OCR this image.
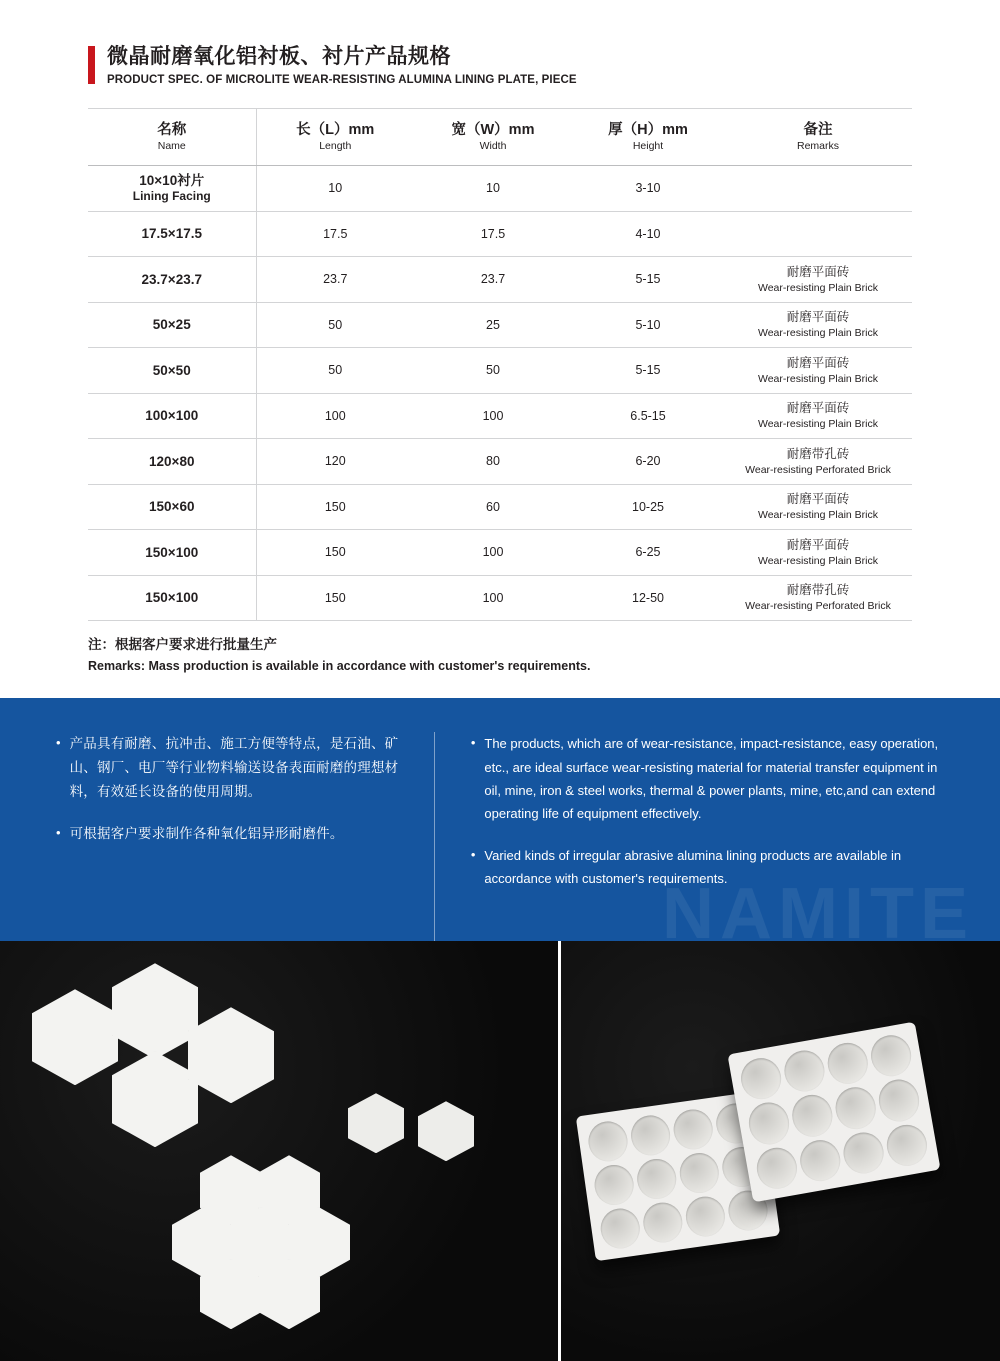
微晶耐磨氧化铝衬板、衬片产品规格
PRODUCT SPEC. OF MICROLITE WEAR-RESISTING ALUMINA LINING PLATE, PIECE
名称
Name	长（L）mm
Length	宽（W）mm
Width	厚（H）mm
Height	备注
Remarks

10×10衬片
Lining Facing	10	10	3-10	

17.5×17.5	17.5	17.5	4-10	

23.7×23.7	23.7	23.7	5-15	耐磨平面砖
Wear-resisting Plain Brick

50×25	50	25	5-10	耐磨平面砖
Wear-resisting Plain Brick

50×50	50	50	5-15	耐磨平面砖
Wear-resisting Plain Brick

100×100	100	100	6.5-15	耐磨平面砖
Wear-resisting Plain Brick

120×80	120	80	6-20	耐磨带孔砖
Wear-resisting Perforated Brick

150×60	150	60	10-25	耐磨平面砖
Wear-resisting Plain Brick

150×100	150	100	6-25	耐磨平面砖
Wear-resisting Plain Brick

150×100	150	100	12-50	耐磨带孔砖
Wear-resisting Perforated Brick
注：根据客户要求进行批量生产
Remarks: Mass production is available in accordance with customer's requirements.
NAMITE
• 产品具有耐磨、抗冲击、施工方便等特点，是石油、矿山、钢厂、电厂等行业物料输送设备表面耐磨的理想材料，有效延长设备的使用周期。
• 可根据客户要求制作各种氧化铝异形耐磨件。
• The products, which are of wear-resistance, impact-resistance, easy operation, etc., are ideal surface wear-resisting material for material transfer equipment in oil, mine, iron & steel works, thermal & power plants, mine, etc,and can extend operating life of equipment effectively.
• Varied kinds of irregular abrasive alumina lining products are available in accordance with customer's requirements.
